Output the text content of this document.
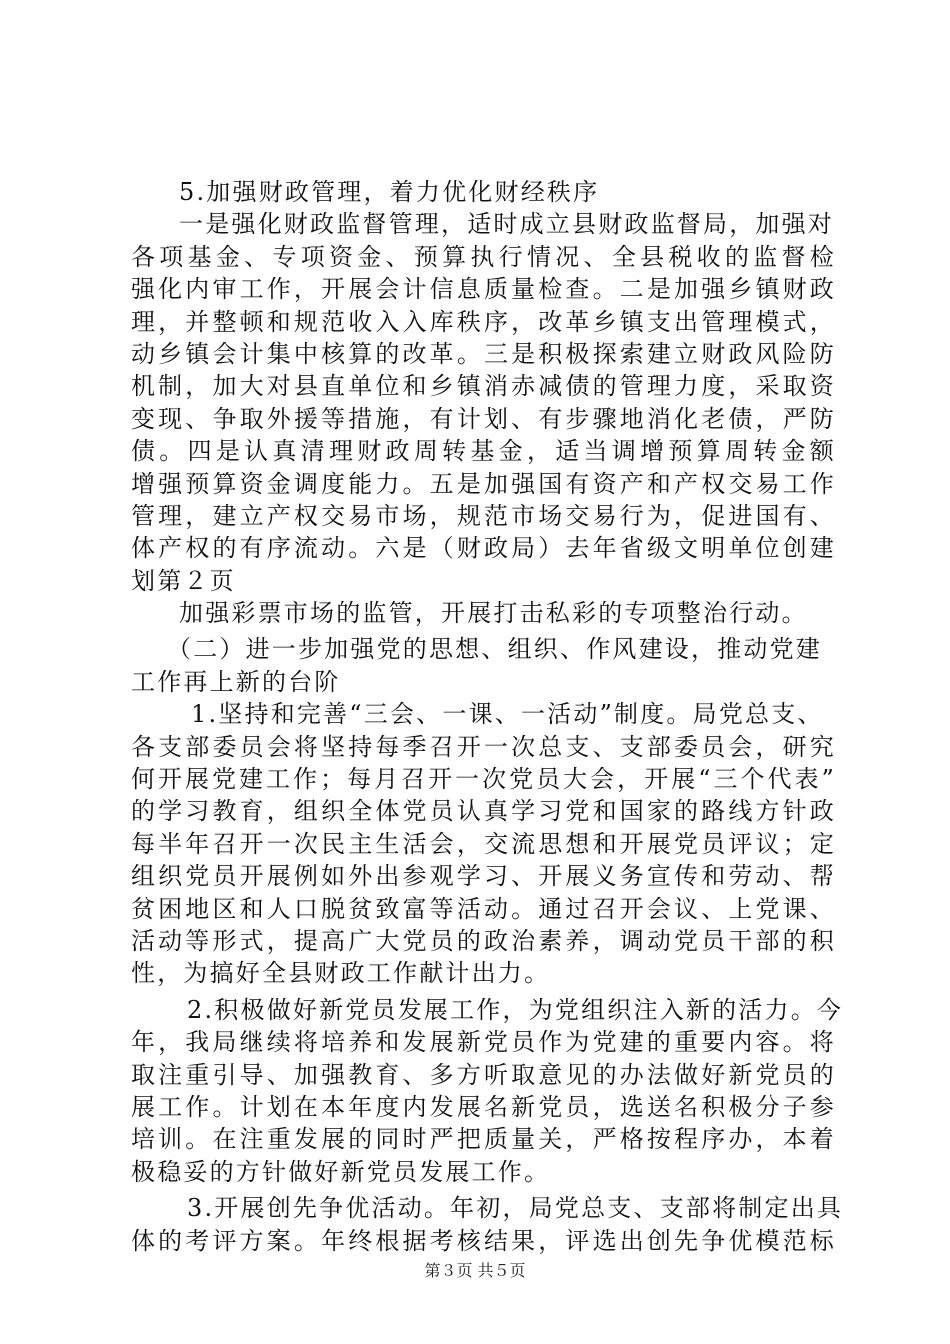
5.加强财政管理，着力优化财经秩序
一是强化财政监督管理，适时成立县财政监督局，加强对
各项基金、专项资金、预算执行情况、全县税收的监督检
强化内审工作，开展会计信息质量检查。二是加强乡镇财政
理，并整顿和规范收入入库秩序，改革乡镇支出管理模式，
动乡镇会计集中核算的改革。三是积极探索建立财政风险防
机制，加大对县直单位和乡镇消赤减债的管理力度，采取资
变现、争取外援等措施，有计划、有步骤地消化老债，严防
债。四是认真清理财政周转基金，适当调增预算周转金额
增强预算资金调度能力。五是加强国有资产和产权交易工作
管理，建立产权交易市场，规范市场交易行为，促进国有、
体产权的有序流动。六是（财政局）去年省级文明单位创建
划第２页
加强彩票市场的监管，开展打击私彩的专项整治行动。
（二）进一步加强党的思想、组织、作风建设，推动党建
工作再上新的台阶
1.坚持和完善“三会、一课、一活动”制度。局党总支、
各支部委员会将坚持每季召开一次总支、支部委员会，研究
何开展党建工作；每月召开一次党员大会，开展“三个代表”
的学习教育，组织全体党员认真学习党和国家的路线方针政
每半年召开一次民主生活会，交流思想和开展党员评议；定
组织党员开展例如外出参观学习、开展义务宣传和劳动、帮
贫困地区和人口脱贫致富等活动。通过召开会议、上党课、
活动等形式，提高广大党员的政治素养，调动党员干部的积
性，为搞好全县财政工作献计出力。
2.积极做好新党员发展工作，为党组织注入新的活力。今
年，我局继续将培养和发展新党员作为党建的重要内容。将
取注重引导、加强教育、多方听取意见的办法做好新党员的
展工作。计划在本年度内发展名新党员，选送名积极分子参
培训。在注重发展的同时严把质量关，严格按程序办，本着
极稳妥的方针做好新党员发展工作。
3.开展创先争优活动。年初，局党总支、支部将制定出具
体的考评方案。年终根据考核结果，评选出创先争优模范标
第３页 共５页
